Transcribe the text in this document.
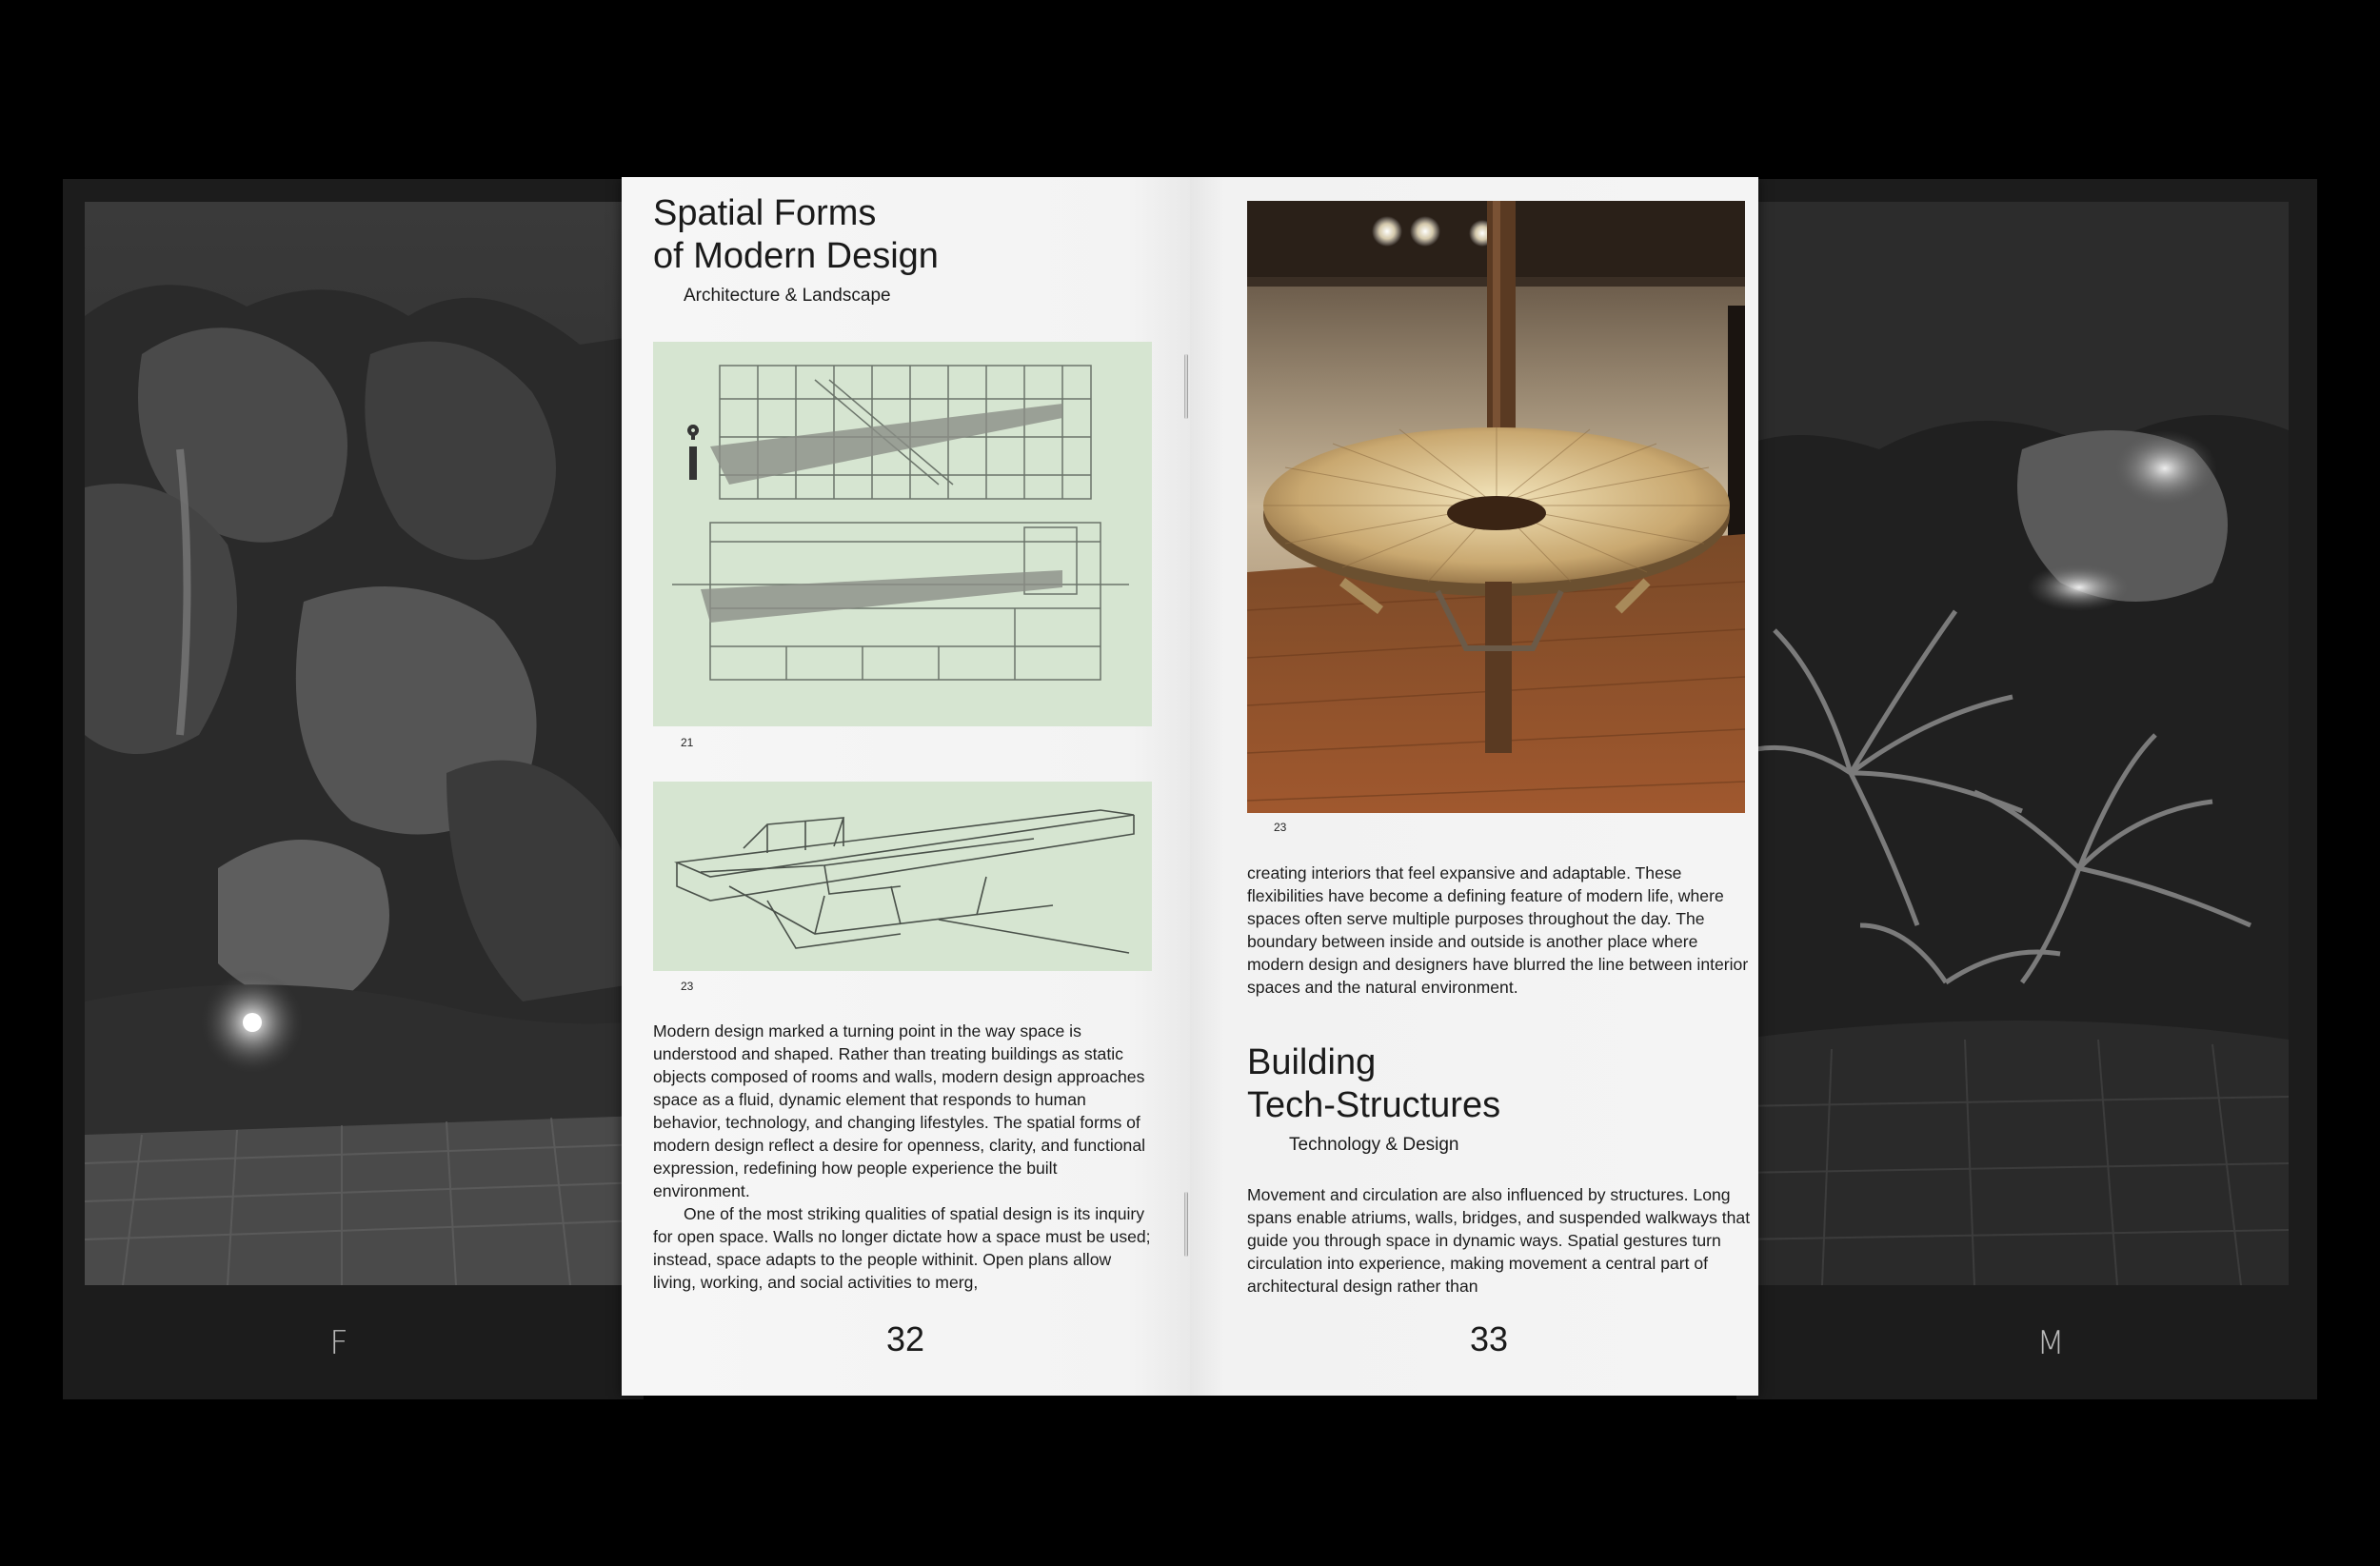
F	M
Spatial Forms
of Modern Design
Architecture & Landscape
21
23

Modern design marked a turning point in the way space is understood and shaped. Rather than treating buildings as static objects composed of rooms and walls, modern design approaches space as a fluid, dynamic element that responds to human behavior, technology, and changing lifestyles. The spatial forms of modern design reflect a desire for openness, clarity, and functional expression, redefining how people experience the built environment.

One of the most striking qualities of spatial design is its inquiry for open space. Walls no longer dictate how a space must be used; instead, space adapts to the people withinit. Open plans allow living, working, and social activities to merg,

32
23

creating interiors that feel expansive and adaptable. These flexibilities have become a defining feature of modern life, where spaces often serve multiple purposes throughout the day. The boundary between inside and outside is another place where modern design and designers have blurred the line between interior spaces and the natural environment.

Building
Tech-Structures
Technology & Design

Movement and circulation are also influenced by structures. Long spans enable atriums, walls, bridges, and suspended walkways that guide you through space in dynamic ways. Spatial gestures turn circulation into experience, making movement a central part of architectural design rather than

33
